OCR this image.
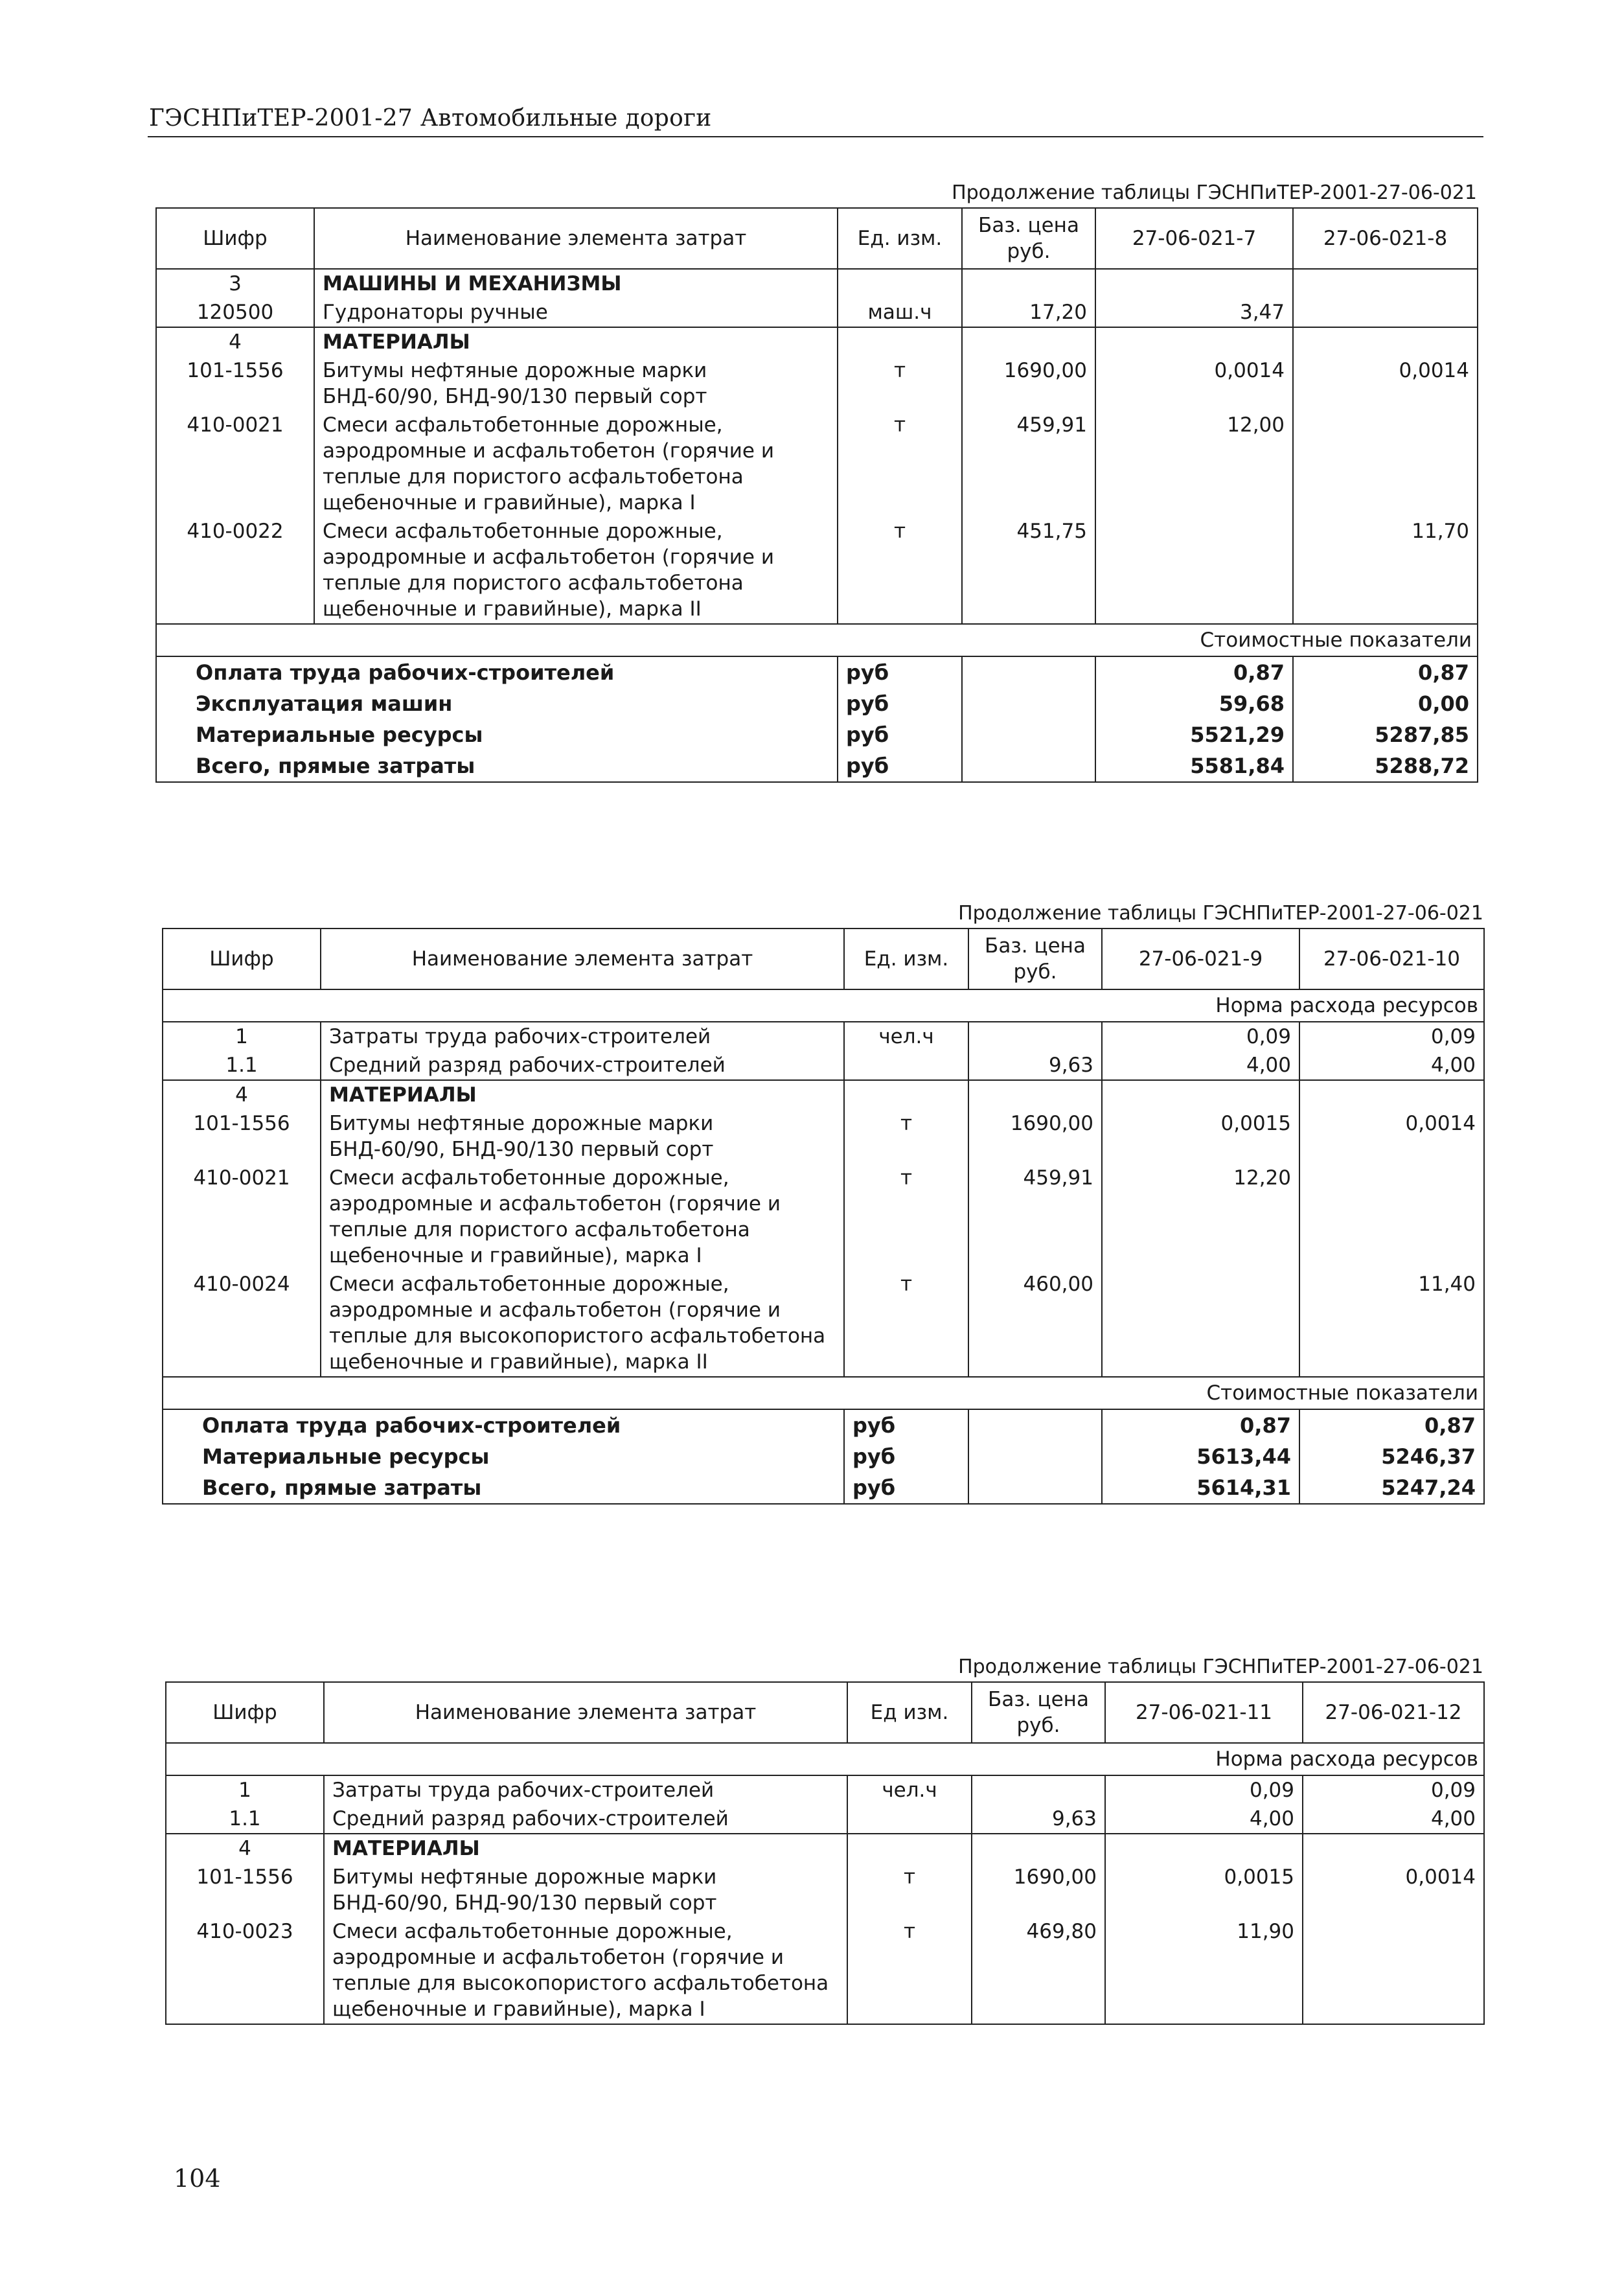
ГЭСНПиТЕР-2001-27 Автомобильные дороги
Продолжение таблицы ГЭСНПиТЕР-2001-27-06-021
Шифр	Наименование элемента затрат	Ед. изм.	Баз. цена руб.	27-06-021-7	27-06-021-8
3	МАШИНЫ И МЕХАНИЗМЫ				
120500	Гудронаторы ручные	маш.ч	17,20	3,47	
4	МАТЕРИАЛЫ				
101-1556	Битумы нефтяные дорожные марки БНД-60/90, БНД-90/130 первый сорт	т	1690,00	0,0014	0,0014
410-0021	Смеси асфальтобетонные дорожные, аэродромные и асфальтобетон (горячие и теплые для пористого асфальтобетона щебеночные и гравийные), марка I	т	459,91	12,00	
410-0022	Смеси асфальтобетонные дорожные, аэродромные и асфальтобетон (горячие и теплые для пористого асфальтобетона щебеночные и гравийные), марка II	т	451,75		11,70
Стоимостные показатели					
Оплата труда рабочих-строителей		руб		0,87	0,87
Эксплуатация машин		руб		59,68	0,00
Материальные ресурсы		руб		5521,29	5287,85
Всего, прямые затраты		руб		5581,84	5288,72
Продолжение таблицы ГЭСНПиТЕР-2001-27-06-021
Шифр	Наименование элемента затрат	Ед. изм.	Баз. цена руб.	27-06-021-9	27-06-021-10
Норма расхода ресурсов					
1	Затраты труда рабочих-строителей	чел.ч		0,09	0,09
1.1	Средний разряд рабочих-строителей		9,63	4,00	4,00
4	МАТЕРИАЛЫ				
101-1556	Битумы нефтяные дорожные марки БНД-60/90, БНД-90/130 первый сорт	т	1690,00	0,0015	0,0014
410-0021	Смеси асфальтобетонные дорожные, аэродромные и асфальтобетон (горячие и теплые для пористого асфальтобетона щебеночные и гравийные), марка I	т	459,91	12,20	
410-0024	Смеси асфальтобетонные дорожные, аэродромные и асфальтобетон (горячие и теплые для высокопористого асфальтобетона щебеночные и гравийные), марка II	т	460,00		11,40
Стоимостные показатели					
Оплата труда рабочих-строителей		руб		0,87	0,87
Материальные ресурсы		руб		5613,44	5246,37
Всего, прямые затраты		руб		5614,31	5247,24
Продолжение таблицы ГЭСНПиТЕР-2001-27-06-021
Шифр	Наименование элемента затрат	Ед изм.	Баз. цена руб.	27-06-021-11	27-06-021-12
Норма расхода ресурсов					
1	Затраты труда рабочих-строителей	чел.ч		0,09	0,09
1.1	Средний разряд рабочих-строителей		9,63	4,00	4,00
4	МАТЕРИАЛЫ				
101-1556	Битумы нефтяные дорожные марки БНД-60/90, БНД-90/130 первый сорт	т	1690,00	0,0015	0,0014
410-0023	Смеси асфальтобетонные дорожные, аэродромные и асфальтобетон (горячие и теплые для высокопористого асфальтобетона щебеночные и гравийные), марка I	т	469,80	11,90	
104
